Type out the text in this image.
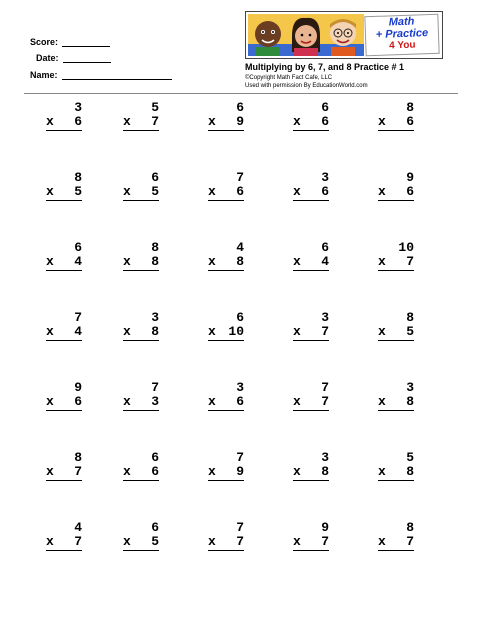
Score:
Date:
Name:
Math
+ Practice
4 You
Multiplying by 6, 7, and 8 Practice # 1
©Copyright Math Fact Cafe, LLC
Used with permission By EducationWorld.com
3
x 6
5
x 7
6
x 9
6
x 6
8
x 6
8
x 5
6
x 5
7
x 6
3
x 6
9
x 6
6
x 4
8
x 8
4
x 8
6
x 4
10
x 7
7
x 4
3
x 8
6
x 10
3
x 7
8
x 5
9
x 6
7
x 3
3
x 6
7
x 7
3
x 8
8
x 7
6
x 6
7
x 9
3
x 8
5
x 8
4
x 7
6
x 5
7
x 7
9
x 7
8
x 7
